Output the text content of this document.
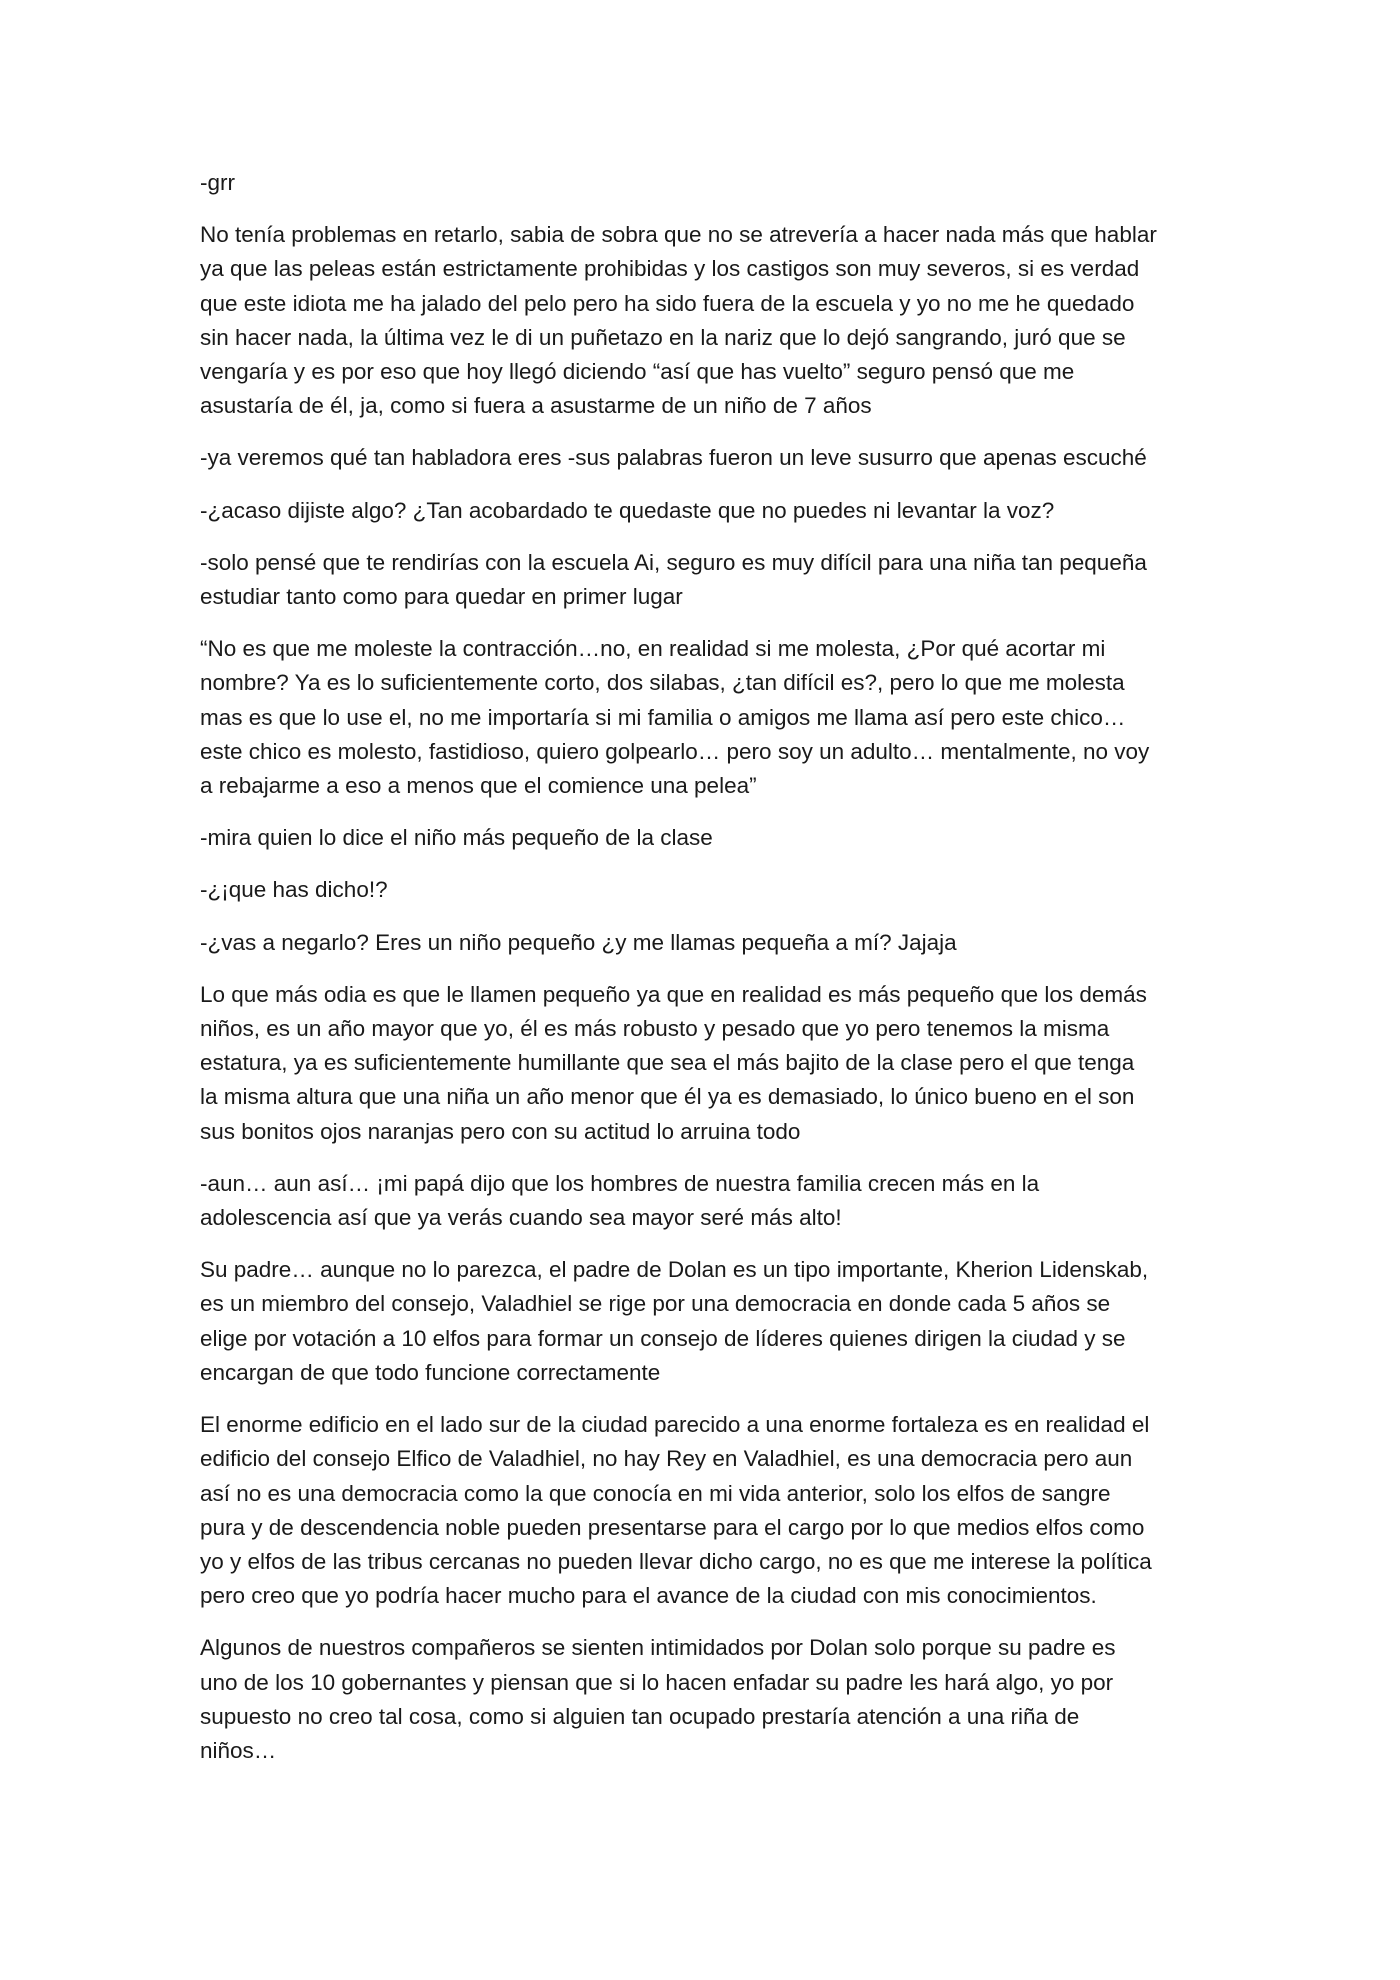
-grr

No tenía problemas en retarlo, sabia de sobra que no se atrevería a hacer nada más que hablar
ya que las peleas están estrictamente prohibidas y los castigos son muy severos, si es verdad
que este idiota me ha jalado del pelo pero ha sido fuera de la escuela y yo no me he quedado
sin hacer nada, la última vez le di un puñetazo en la nariz que lo dejó sangrando, juró que se
vengaría y es por eso que hoy llegó diciendo “así que has vuelto” seguro pensó que me
asustaría de él, ja, como si fuera a asustarme de un niño de 7 años

-ya veremos qué tan habladora eres -sus palabras fueron un leve susurro que apenas escuché

-¿acaso dijiste algo? ¿Tan acobardado te quedaste que no puedes ni levantar la voz?

-solo pensé que te rendirías con la escuela Ai, seguro es muy difícil para una niña tan pequeña
estudiar tanto como para quedar en primer lugar

“No es que me moleste la contracción…no, en realidad si me molesta, ¿Por qué acortar mi
nombre? Ya es lo suficientemente corto, dos silabas, ¿tan difícil es?, pero lo que me molesta
mas es que lo use el, no me importaría si mi familia o amigos me llama así pero este chico…
este chico es molesto, fastidioso, quiero golpearlo… pero soy un adulto… mentalmente, no voy
a rebajarme a eso a menos que el comience una pelea”

-mira quien lo dice el niño más pequeño de la clase

-¿¡que has dicho!?

-¿vas a negarlo? Eres un niño pequeño ¿y me llamas pequeña a mí? Jajaja

Lo que más odia es que le llamen pequeño ya que en realidad es más pequeño que los demás
niños, es un año mayor que yo, él es más robusto y pesado que yo pero tenemos la misma
estatura, ya es suficientemente humillante que sea el más bajito de la clase pero el que tenga
la misma altura que una niña un año menor que él ya es demasiado, lo único bueno en el son
sus bonitos ojos naranjas pero con su actitud lo arruina todo

-aun… aun así… ¡mi papá dijo que los hombres de nuestra familia crecen más en la
adolescencia así que ya verás cuando sea mayor seré más alto!

Su padre… aunque no lo parezca, el padre de Dolan es un tipo importante, Kherion Lidenskab,
es un miembro del consejo, Valadhiel se rige por una democracia en donde cada 5 años se
elige por votación a 10 elfos para formar un consejo de líderes quienes dirigen la ciudad y se
encargan de que todo funcione correctamente

El enorme edificio en el lado sur de la ciudad parecido a una enorme fortaleza es en realidad el
edificio del consejo Elfico de Valadhiel, no hay Rey en Valadhiel, es una democracia pero aun
así no es una democracia como la que conocía en mi vida anterior, solo los elfos de sangre
pura y de descendencia noble pueden presentarse para el cargo por lo que medios elfos como
yo y elfos de las tribus cercanas no pueden llevar dicho cargo, no es que me interese la política
pero creo que yo podría hacer mucho para el avance de la ciudad con mis conocimientos.

Algunos de nuestros compañeros se sienten intimidados por Dolan solo porque su padre es
uno de los 10 gobernantes y piensan que si lo hacen enfadar su padre les hará algo, yo por
supuesto no creo tal cosa, como si alguien tan ocupado prestaría atención a una riña de
niños…
